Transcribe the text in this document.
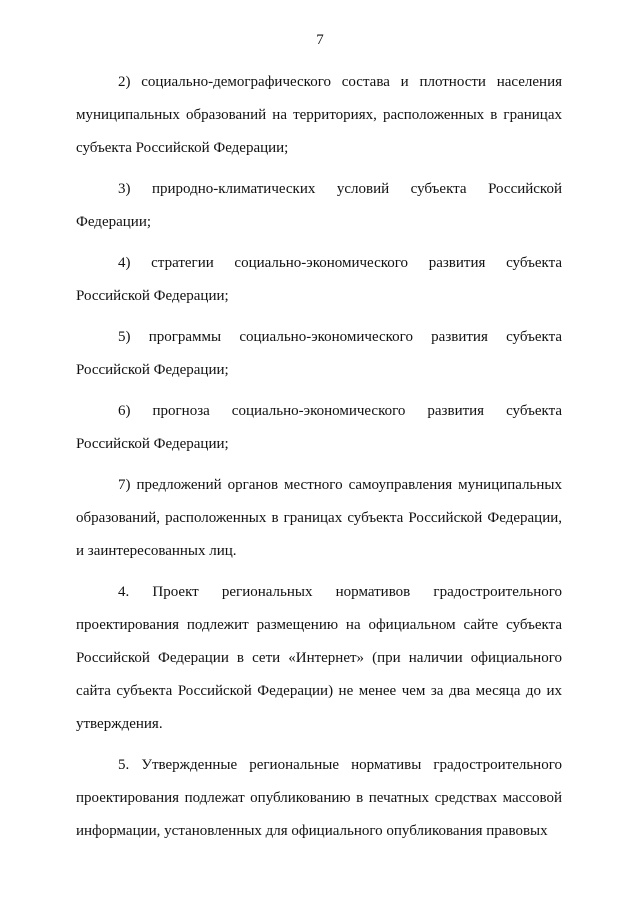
7

2) социально-демографического состава и плотности населения муниципальных образований на территориях, расположенных в границах субъекта Российской Федерации;

3) природно-климатических условий субъекта Российской Федерации;

4) стратегии социально-экономического развития субъекта Российской Федерации;

5) программы социально-экономического развития субъекта Российской Федерации;

6) прогноза социально-экономического развития субъекта Российской Федерации;

7) предложений органов местного самоуправления муниципальных образований, расположенных в границах субъекта Российской Федерации, и заинтересованных лиц.

4. Проект региональных нормативов градостроительного проектирования подлежит размещению на официальном сайте субъекта Российской Федерации в сети «Интернет» (при наличии официального сайта субъекта Российской Федерации) не менее чем за два месяца до их утверждения.

5. Утвержденные региональные нормативы градостроительного проектирования подлежат опубликованию в печатных средствах массовой информации, установленных для официального опубликования правовых
